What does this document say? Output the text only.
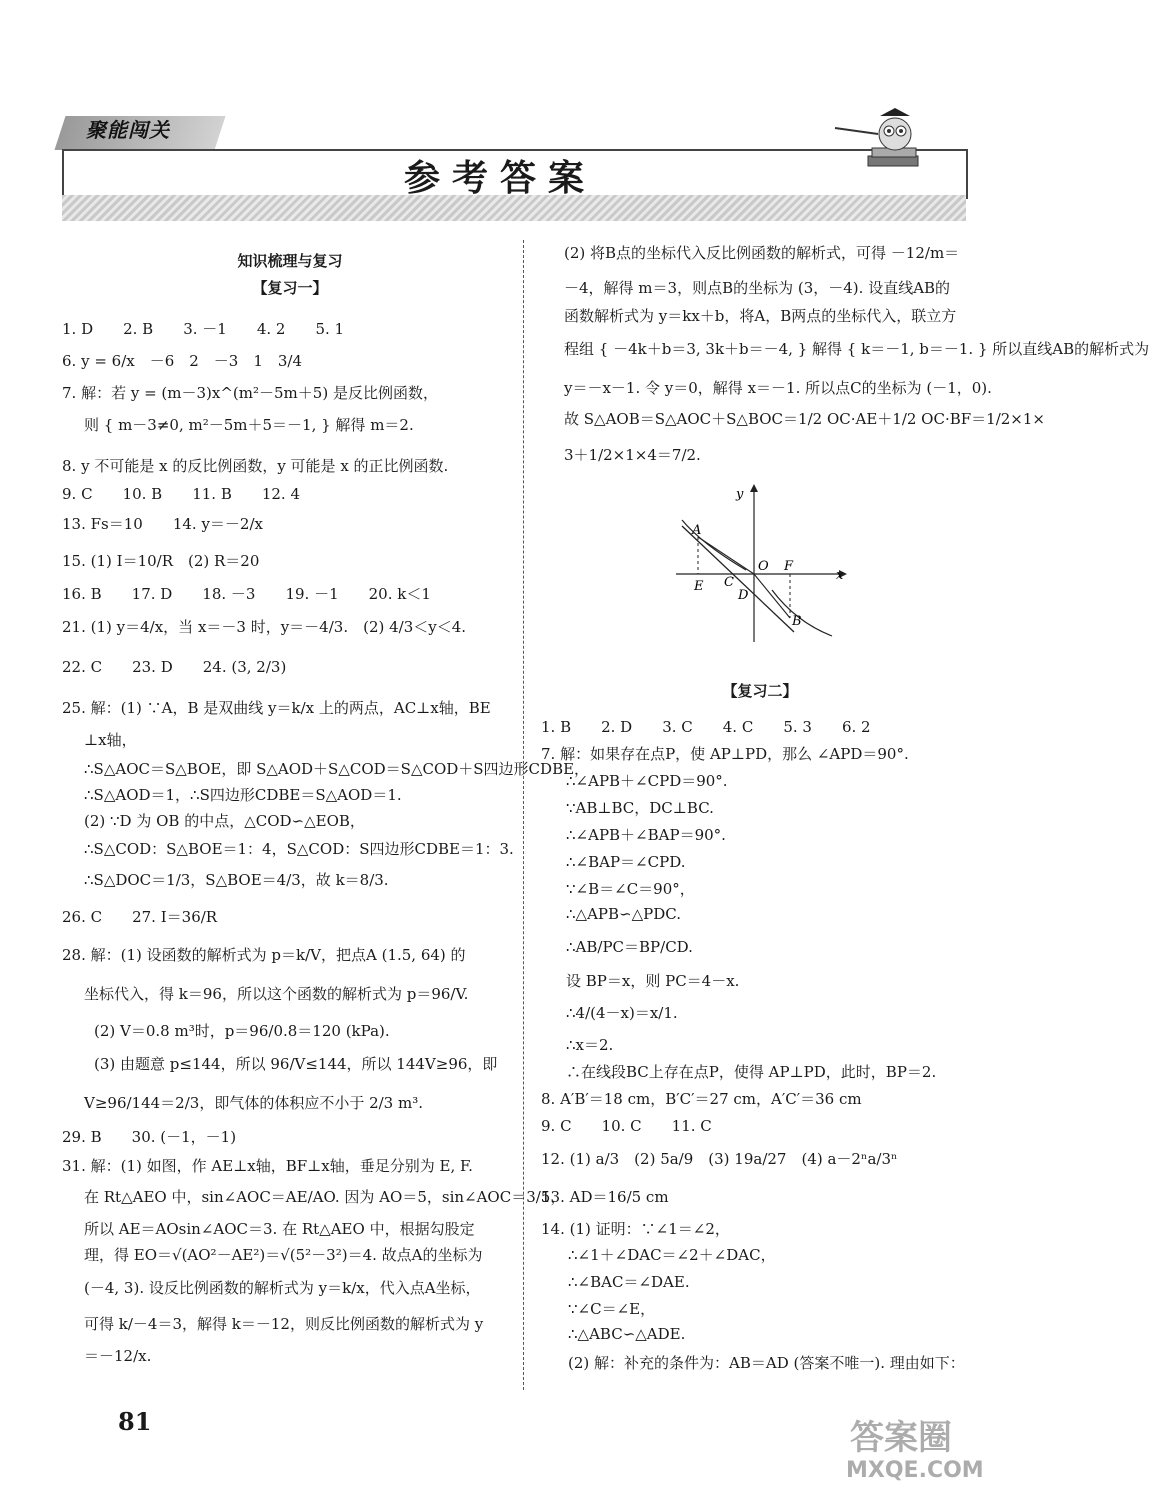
聚能闯关
参考答案
知识梳理与复习
【复习一】
1. D　　2. B　　3. －1　　4. 2　　5. 1
6. y = 6/x　－6　2　－3　1　3/4
7. 解：若 y = (m－3)x^(m²－5m＋5) 是反比例函数，
则 { m－3≠0, m²－5m＋5＝－1, } 解得 m＝2.
8. y 不可能是 x 的反比例函数，y 可能是 x 的正比例函数.
9. C　　10. B　　11. B　　12. 4
13. Fs＝10　　14. y＝－2/x
15. (1) I＝10/R　(2) R＝20
16. B　　17. D　　18. －3　　19. －1　　20. k＜1
21. (1) y＝4/x，当 x＝－3 时，y＝－4/3.　(2) 4/3＜y＜4.
22. C　　23. D　　24. (3, 2/3)
25. 解：(1) ∵A，B 是双曲线 y＝k/x 上的两点，AC⊥x轴，BE
⊥x轴，
∴S△AOC＝S△BOE，即 S△AOD＋S△COD＝S△COD＋S四边形CDBE，
∴S△AOD＝1，∴S四边形CDBE＝S△AOD＝1.
(2) ∵D 为 OB 的中点，△COD∽△EOB，
∴S△COD：S△BOE＝1：4，S△COD：S四边形CDBE＝1：3.
∴S△DOC＝1/3，S△BOE＝4/3，故 k＝8/3.
26. C　　27. I＝36/R
28. 解：(1) 设函数的解析式为 p＝k/V，把点A (1.5, 64) 的
坐标代入，得 k＝96，所以这个函数的解析式为 p＝96/V.
(2) V＝0.8 m³时，p＝96/0.8＝120 (kPa).
(3) 由题意 p≤144，所以 96/V≤144，所以 144V≥96，即
V≥96/144＝2/3，即气体的体积应不小于 2/3 m³.
29. B　　30. (－1，－1)
31. 解：(1) 如图，作 AE⊥x轴，BF⊥x轴，垂足分别为 E, F.
在 Rt△AEO 中，sin∠AOC＝AE/AO. 因为 AO＝5，sin∠AOC＝3/5，
所以 AE＝AOsin∠AOC＝3. 在 Rt△AEO 中，根据勾股定
理，得 EO＝√(AO²－AE²)＝√(5²－3²)＝4. 故点A的坐标为
(－4, 3). 设反比例函数的解析式为 y＝k/x，代入点A坐标，
可得 k/－4＝3，解得 k＝－12，则反比例函数的解析式为 y
＝－12/x.
(2) 将B点的坐标代入反比例函数的解析式，可得 －12/m＝
－4，解得 m＝3，则点B的坐标为 (3，－4). 设直线AB的
函数解析式为 y＝kx＋b，将A，B两点的坐标代入，联立方
程组 { －4k＋b＝3, 3k＋b＝－4, } 解得 { k＝－1, b＝－1. } 所以直线AB的解析式为
y＝－x－1. 令 y＝0，解得 x＝－1. 所以点C的坐标为 (－1，0).
故 S△AOB＝S△AOC＋S△BOC＝1/2 OC·AE＋1/2 OC·BF＝1/2×1×
3＋1/2×1×4＝7/2.
y
x
A
O F
E C
D
B
【复习二】
1. B　　2. D　　3. C　　4. C　　5. 3　　6. 2
7. 解：如果存在点P，使 AP⊥PD，那么 ∠APD＝90°.
∴∠APB＋∠CPD＝90°.
∵AB⊥BC，DC⊥BC.
∴∠APB＋∠BAP＝90°.
∴∠BAP＝∠CPD.
∵∠B＝∠C＝90°，
∴△APB∽△PDC.
∴AB/PC＝BP/CD.
设 BP＝x，则 PC＝4－x.
∴4/(4－x)＝x/1.
∴x＝2.
∴在线段BC上存在点P，使得 AP⊥PD，此时，BP＝2.
8. A′B′＝18 cm，B′C′＝27 cm，A′C′＝36 cm
9. C　　10. C　　11. C
12. (1) a/3　(2) 5a/9　(3) 19a/27　(4) a－2ⁿa/3ⁿ
13. AD＝16/5 cm
14. (1) 证明：∵∠1＝∠2，
∴∠1＋∠DAC＝∠2＋∠DAC，
∴∠BAC＝∠DAE.
∵∠C＝∠E，
∴△ABC∽△ADE.
(2) 解：补充的条件为：AB＝AD (答案不唯一). 理由如下：
81	答案圈
MXQE.COM
